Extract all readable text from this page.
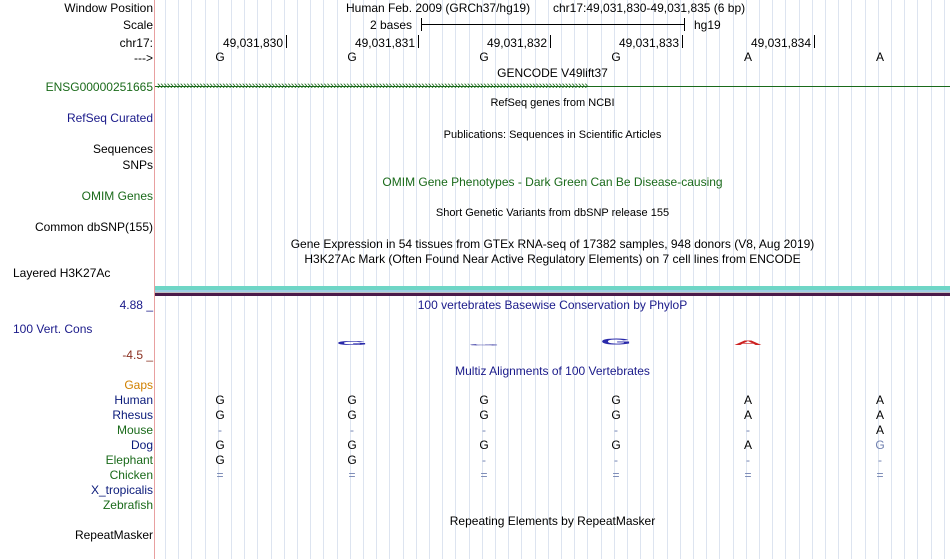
Window Position	Human Feb. 2009 (GRCh37/hg19) chr17:49,031,830-49,031,835 (6 bp)
Scale	2 bases	hg19
chr17:	49,031,830	49,031,831	49,031,832	49,031,833	49,031,834
--->	G	G	G	G	A	A
GENCODE V49lift37
ENSG00000251665 ››››››››››››››››››››››››››››››››››››››››››››››››››››››››››››››››››››››››››››››››››››››››››››››››››››››››››››››››››››››››››››››››››››
RefSeq genes from NCBI
RefSeq Curated
Publications: Sequences in Scientific Articles
Sequences
SNPs
OMIM Gene Phenotypes - Dark Green Can Be Disease-causing
OMIM Genes
Short Genetic Variants from dbSNP release 155
Common dbSNP(155)
Gene Expression in 54 tissues from GTEx RNA-seq of 17382 samples, 948 donors (V8, Aug 2019)
H3K27Ac Mark (Often Found Near Active Regulatory Elements) on 7 cell lines from ENCODE
Layered H3K27Ac
4.88 _	100 vertebrates Basewise Conservation by PhyloP
100 Vert. Cons
-4.5 _
G	G	G	A
Gaps
Multiz Alignments of 100 Vertebrates
Human	G	G	G	G	A	A
Rhesus	G	G	G	G	A	A
Mouse	-	-	-	-	-	A
Dog	G	G	G	G	A	G
Elephant	G	G	-	-	-	-
Chicken	=	=	=	=	=	=
X_tropicalis
Zebrafish
Repeating Elements by RepeatMasker
RepeatMasker
